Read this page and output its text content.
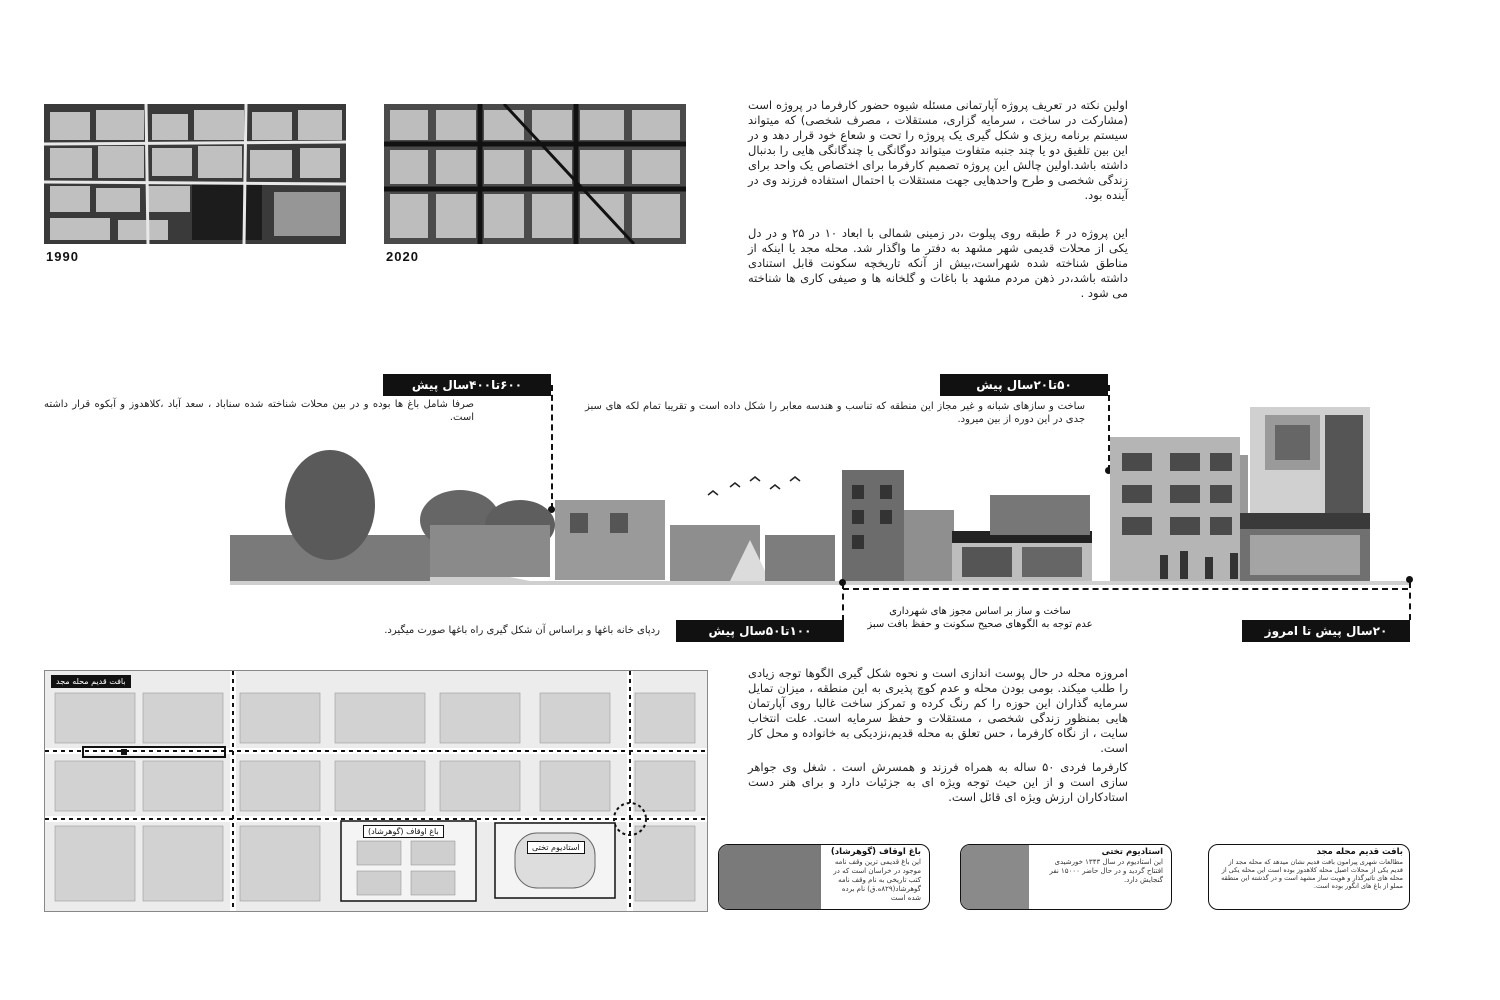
1990	2020
اولین نکته در تعریف پروژه آپارتمانی مسئله شیوه حضور کارفرما در پروژه است (مشارکت در ساخت ، سرمایه گزاری، مستقلات ، مصرف شخصی) که میتواند سیستم برنامه ریزی و شکل گیری یک پروژه را تحت و شعاع خود قرار دهد و در این بین تلفیق دو یا چند جنبه متفاوت میتواند دوگانگی یا چندگانگی هایی را بدنبال داشته باشد.اولین چالش این پروژه تصمیم کارفرما برای اختصاص یک واحد برای زندگی شخصی و طرح واحدهایی جهت مستقلات با احتمال استفاده فرزند وی در آینده بود.
این پروژه در ۶ طبقه روی پیلوت ،در زمینی شمالی با ابعاد ۱۰ در ۲۵ و در دل یکی از محلات قدیمی شهر مشهد به دفتر ما واگذار شد. محله مجد یا اینکه از مناطق شناخته شده شهراست،بیش از آنکه تاریخچه سکونت قابل استنادی داشته باشد،در ذهن مردم مشهد با باغات و گلخانه ها و صیفی کاری ها شناخته می شود .
۶۰۰تا۴۰۰سال پیش
صرفا شامل باغ ها بوده و در بین محلات شناخته شده سناباد ، سعد آباد ،کلاهدوز و آبکوه قرار داشته است.
۵۰تا۲۰سال پیش
ساخت و سازهای شبانه و غیر مجاز این منطقه که تناسب و هندسه معابر را شکل داده است و تقریبا تمام لکه های سبز جدی در این دوره از بین میرود.
۱۰۰تا۵۰سال پیش
ردپای خانه باغها و براساس آن شکل گیری راه باغها صورت میگیرد.
ساخت و ساز بر اساس مجوز های شهرداری
عدم توجه به الگوهای صحیح سکونت و حفظ بافت سبز	۲۰سال پیش تا امروز
بافت قدیم محله مجد
باغ اوقاف (گوهرشاد)
استادیوم تختی
امروزه محله در حال پوست اندازی است و نحوه شکل گیری الگوها توجه زیادی را طلب میکند. بومی بودن محله و عدم کوچ پذیری به این منطقه ، میزان تمایل سرمایه گذاران این حوزه را کم رنگ کرده و تمرکز ساخت غالبا روی آپارتمان هایی بمنظور زندگی شخصی ، مستقلات و حفظ سرمایه است. علت انتخاب سایت ، از نگاه کارفرما ، حس تعلق به محله قدیم،نزدیکی به خانواده و محل کار است.
کارفرما فردی ۵۰ ساله به همراه فرزند و همسرش است . شغل وی جواهر سازی است و از این حیث توجه ویژه ای به جزئیات دارد و برای هنر دست استادکاران ارزش ویژه ای قائل است.
باغ اوقاف (گوهرشاد)
این باغ قدیمی ترین وقف نامه موجود در خراسان است که در کتب تاریخی به نام وقف نامه گوهرشاد(۸۲۹ه.ق) نام برده شده است
استادیوم تختی
این استادیوم در سال ۱۳۴۳ خورشیدی افتتاح گردید و در حال حاضر ۱۵۰۰۰ نفر گنجایش دارد.
بافت قدیم محله مجد
مطالعات شهری پیرامون بافت قدیم نشان میدهد که محله مجد از قدیم یکی از محلات اصیل محله کلاهدوز بوده است این محله یکی از محله های تاثیرگذار و هویت ساز مشهد است و در گذشته این منطقه مملو از باغ های انگور بوده است.
